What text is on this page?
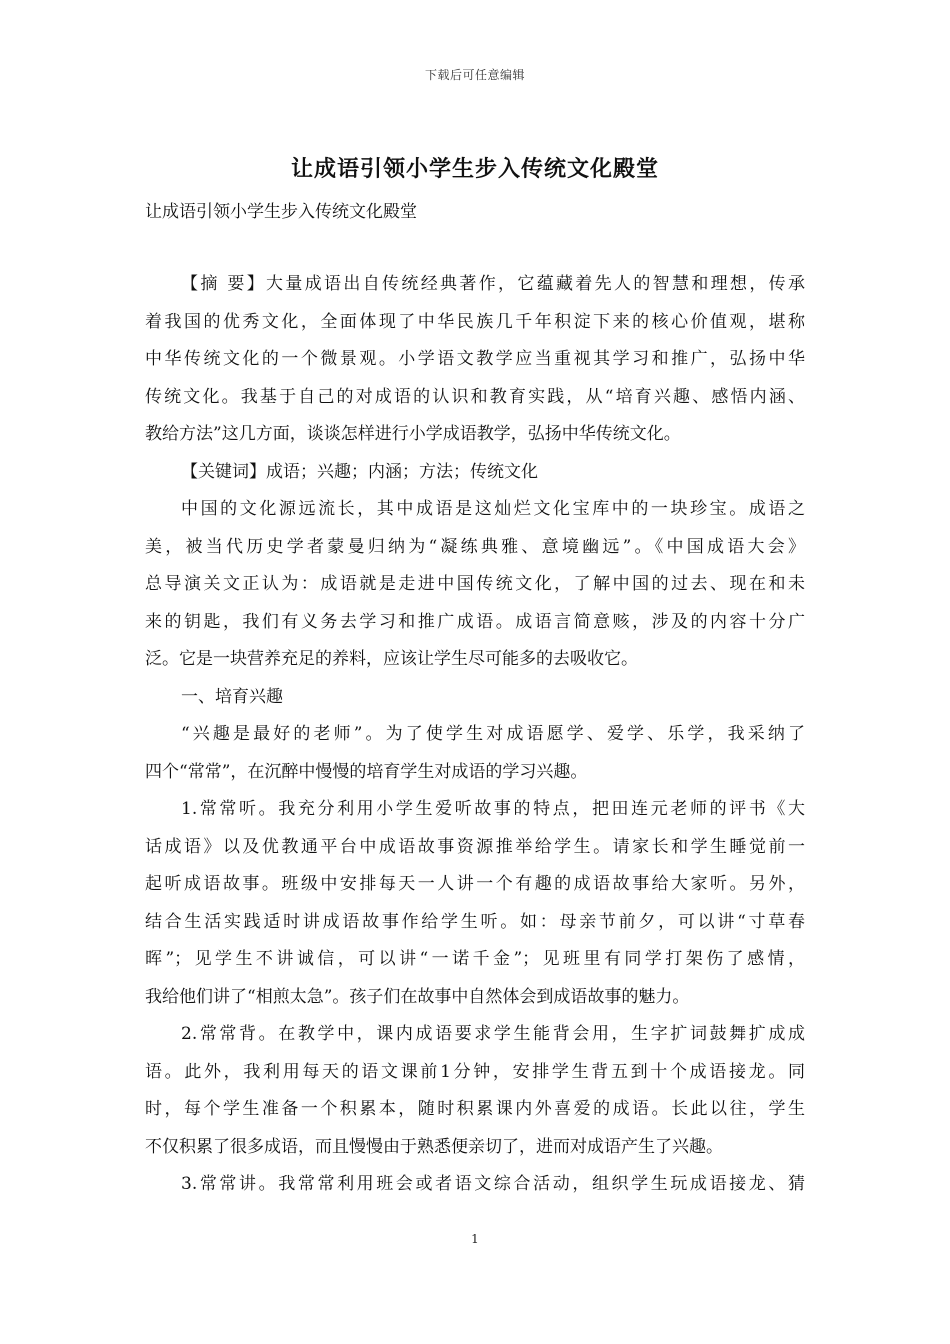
下载后可任意编辑
让成语引领小学生步入传统文化殿堂

让成语引领小学生步入传统文化殿堂

【摘 要】大量成语出自传统经典著作，它蕴藏着先人的智慧和理想，传承
着我国的优秀文化，全面体现了中华民族几千年积淀下来的核心价值观，堪称
中华传统文化的一个微景观。小学语文教学应当重视其学习和推广，弘扬中华
传统文化。我基于自己的对成语的认识和教育实践，从“培育兴趣、感悟内涵、
教给方法”这几方面，谈谈怎样进行小学成语教学，弘扬中华传统文化。
【关键词】成语；兴趣；内涵；方法；传统文化
中国的文化源远流长，其中成语是这灿烂文化宝库中的一块珍宝。成语之
美，被当代历史学者蒙曼归纳为“凝练典雅、意境幽远”。《中国成语大会》
总导演关文正认为：成语就是走进中国传统文化，了解中国的过去、现在和未
来的钥匙，我们有义务去学习和推广成语。成语言简意赅，涉及的内容十分广
泛。它是一块营养充足的养料，应该让学生尽可能多的去吸收它。
一、培育兴趣
“兴趣是最好的老师”。为了使学生对成语愿学、爱学、乐学，我采纳了
四个“常常”，在沉醉中慢慢的培育学生对成语的学习兴趣。
1.常常听。我充分利用小学生爱听故事的特点，把田连元老师的评书《大
话成语》以及优教通平台中成语故事资源推举给学生。请家长和学生睡觉前一
起听成语故事。班级中安排每天一人讲一个有趣的成语故事给大家听。另外，
结合生活实践适时讲成语故事作给学生听。如：母亲节前夕，可以讲“寸草春
晖”；见学生不讲诚信，可以讲“一诺千金”；见班里有同学打架伤了感情，
我给他们讲了“相煎太急”。孩子们在故事中自然体会到成语故事的魅力。
2.常常背。在教学中，课内成语要求学生能背会用，生字扩词鼓舞扩成成
语。此外，我利用每天的语文课前1分钟，安排学生背五到十个成语接龙。同
时，每个学生准备一个积累本，随时积累课内外喜爱的成语。长此以往，学生
不仅积累了很多成语，而且慢慢由于熟悉便亲切了，进而对成语产生了兴趣。
3.常常讲。我常常利用班会或者语文综合活动，组织学生玩成语接龙、猜
1
